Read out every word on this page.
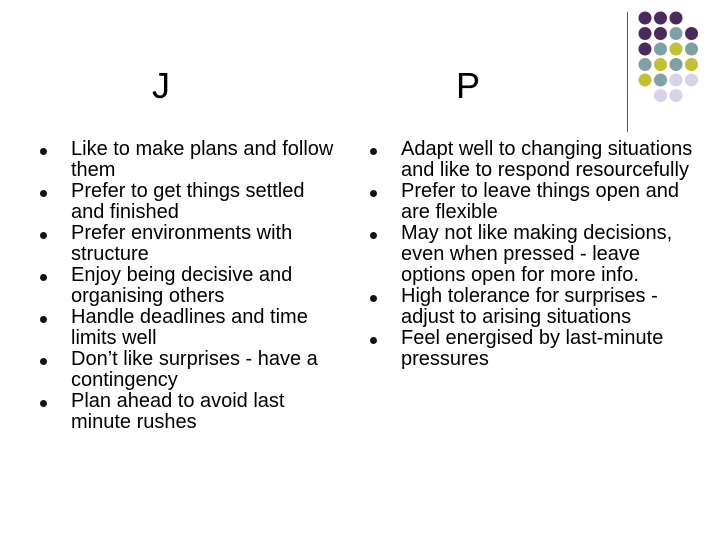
J	P
Like to make plans and follow them
Prefer to get things settled and finished
Prefer environments with structure
Enjoy being decisive and organising others
Handle deadlines and time limits well
Don’t like surprises - have a contingency
Plan ahead to avoid last minute rushes
Adapt well to changing situations and like to respond resourcefully
Prefer to leave things open and are flexible
May not like making decisions, even when pressed - leave options open for more info.
High tolerance for surprises - adjust to arising situations
Feel energised by last-minute pressures
